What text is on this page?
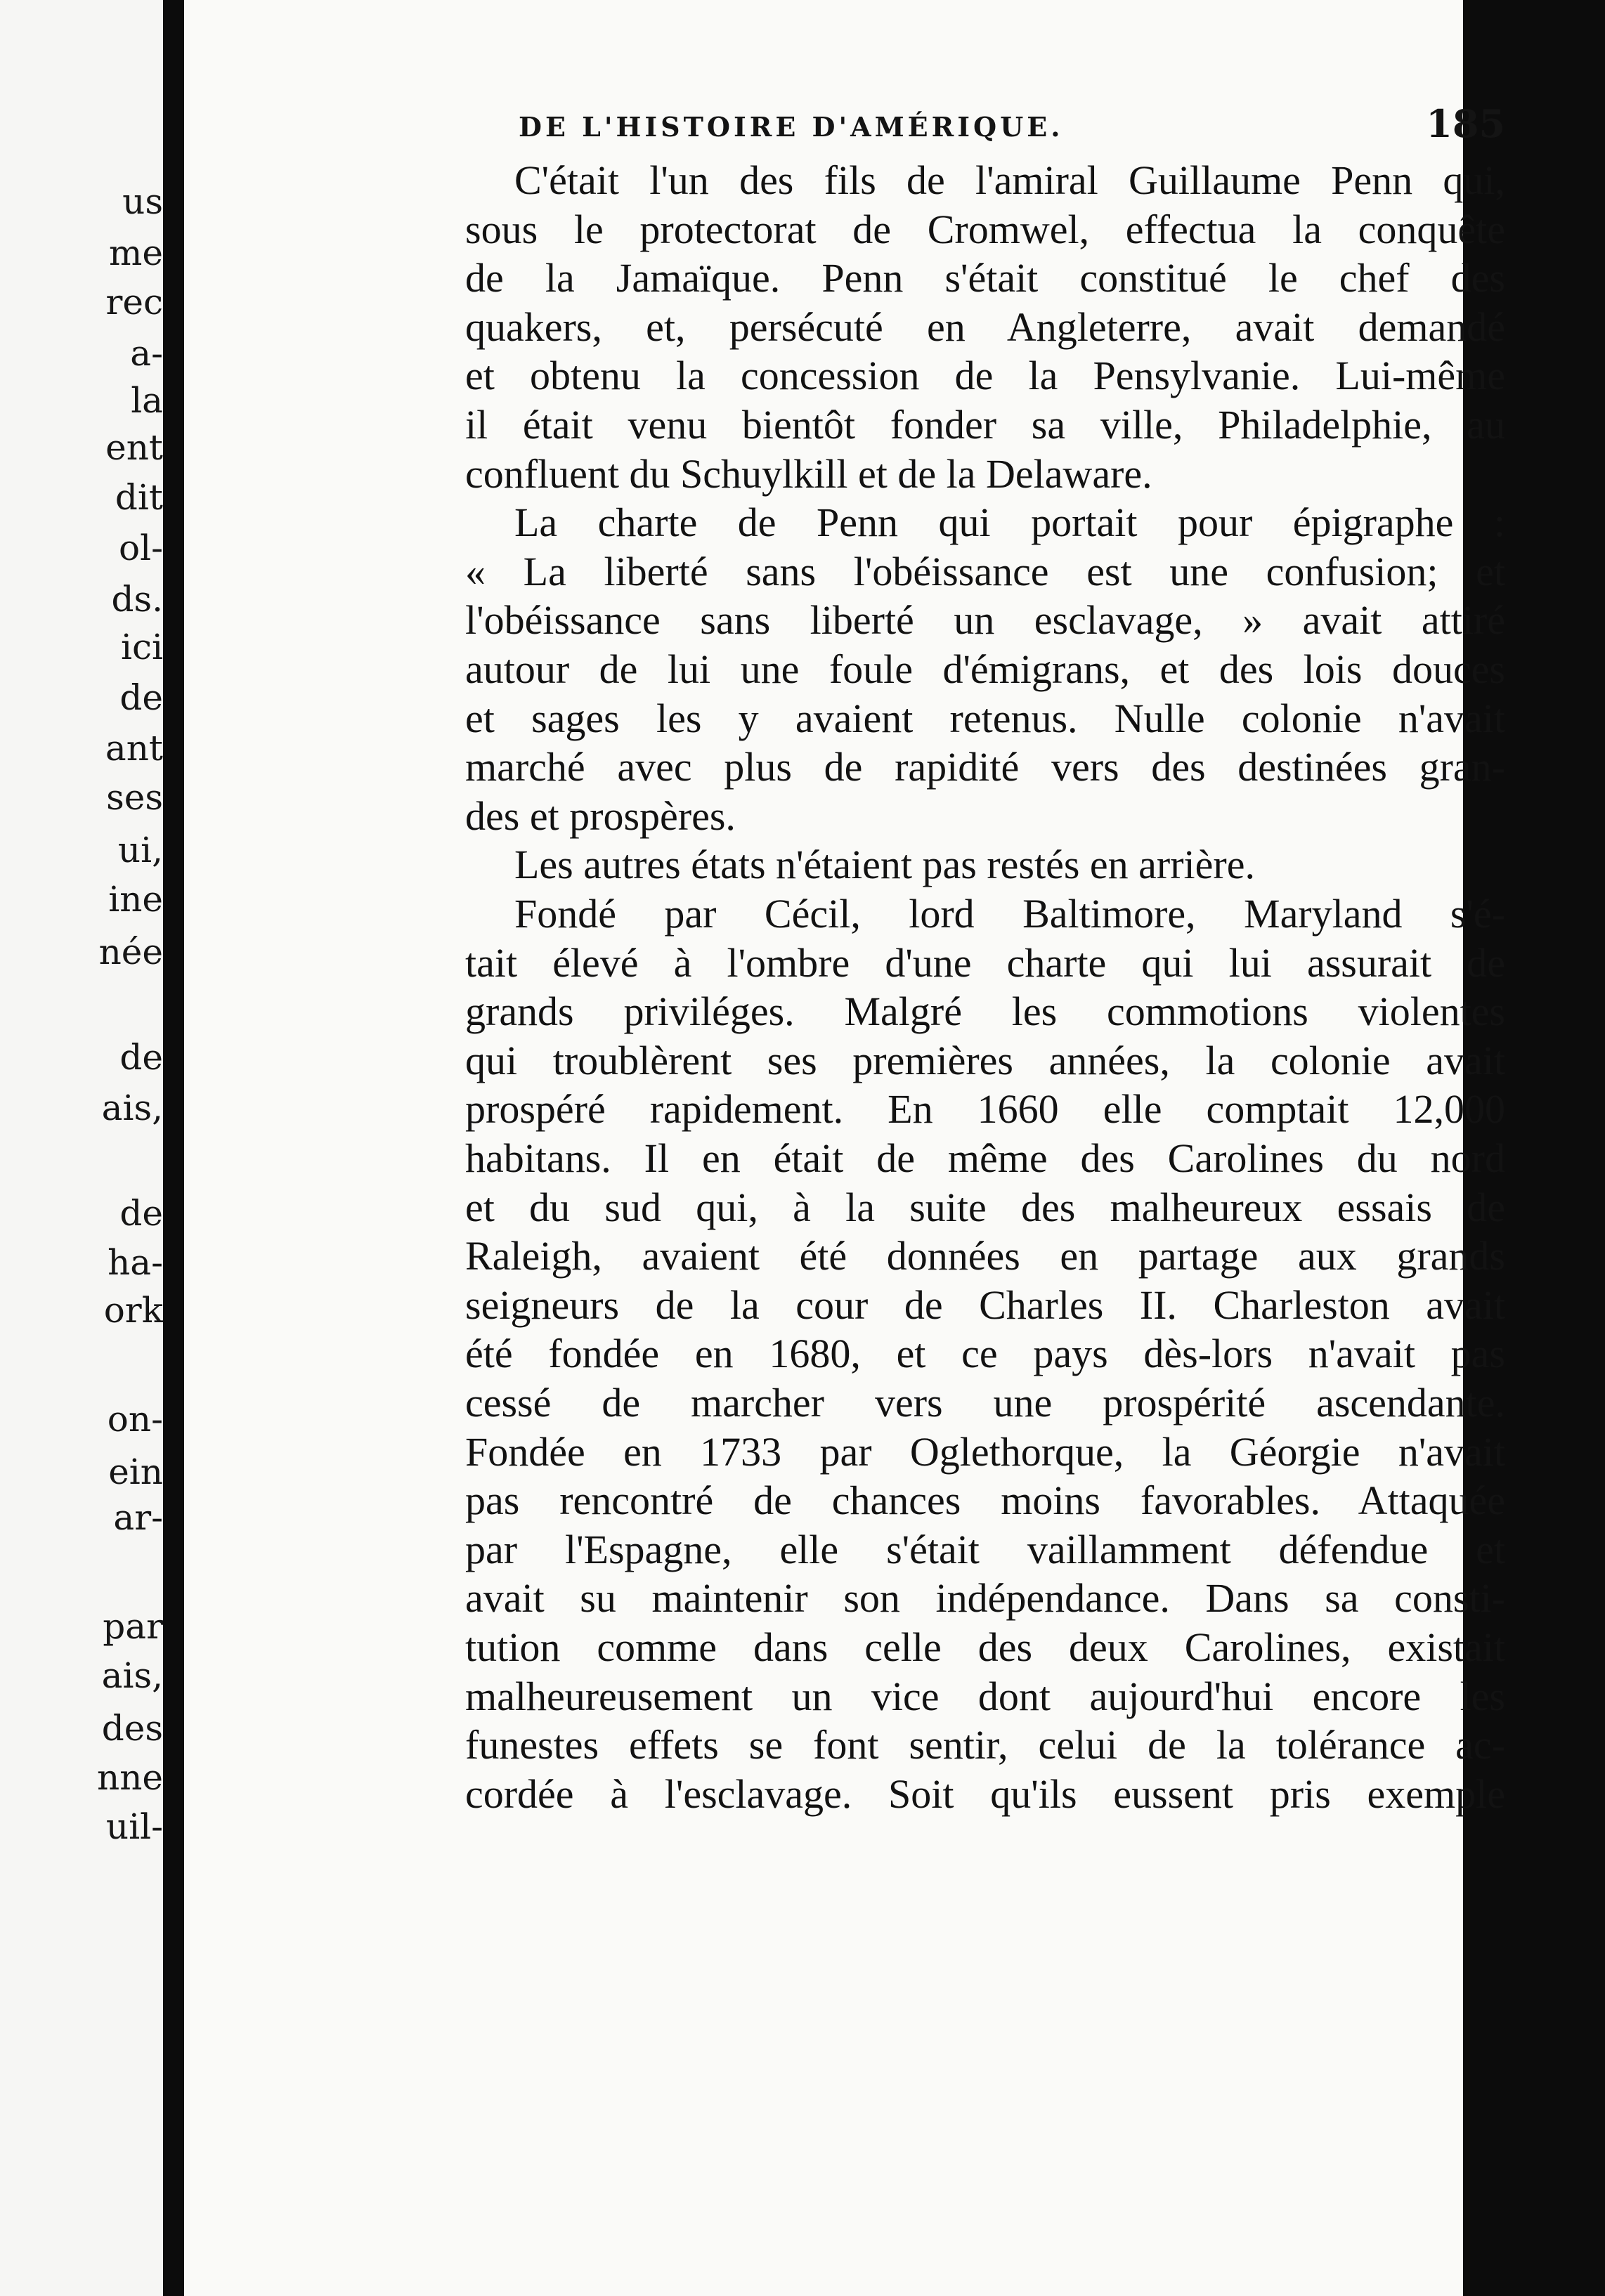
us
me
rec
a-
la
ent
dit
ol-
ds.
ici
de
ant
ses
ui,
ine
née
de
ais,
de
ha-
ork
on-
ein
ar-
par
ais,
des
nne
uil-
DE L'HISTOIRE D'AMÉRIQUE.	185
C'était l'un des fils de l'amiral Guillaume Penn qui,
sous le protectorat de Cromwel, effectua la conquête
de la Jamaïque. Penn s'était constitué le chef des
quakers, et, persécuté en Angleterre, avait demandé
et obtenu la concession de la Pensylvanie. Lui-même
il était venu bientôt fonder sa ville, Philadelphie, au
confluent du Schuylkill et de la Delaware.
La charte de Penn qui portait pour épigraphe :
« La liberté sans l'obéissance est une confusion; et
l'obéissance sans liberté un esclavage, » avait attiré
autour de lui une foule d'émigrans, et des lois douces
et sages les y avaient retenus. Nulle colonie n'avait
marché avec plus de rapidité vers des destinées gran-
des et prospères.
Les autres états n'étaient pas restés en arrière.
Fondé par Cécil, lord Baltimore, Maryland s'é-
tait élevé à l'ombre d'une charte qui lui assurait de
grands priviléges. Malgré les commotions violentes
qui troublèrent ses premières années, la colonie avait
prospéré rapidement. En 1660 elle comptait 12,000
habitans. Il en était de même des Carolines du nord
et du sud qui, à la suite des malheureux essais de
Raleigh, avaient été données en partage aux grands
seigneurs de la cour de Charles II. Charleston avait
été fondée en 1680, et ce pays dès-lors n'avait pas
cessé de marcher vers une prospérité ascendante.
Fondée en 1733 par Oglethorque, la Géorgie n'avait
pas rencontré de chances moins favorables. Attaquée
par l'Espagne, elle s'était vaillamment défendue et
avait su maintenir son indépendance. Dans sa consti-
tution comme dans celle des deux Carolines, existait
malheureusement un vice dont aujourd'hui encore les
funestes effets se font sentir, celui de la tolérance ac-
cordée à l'esclavage. Soit qu'ils eussent pris exemple
